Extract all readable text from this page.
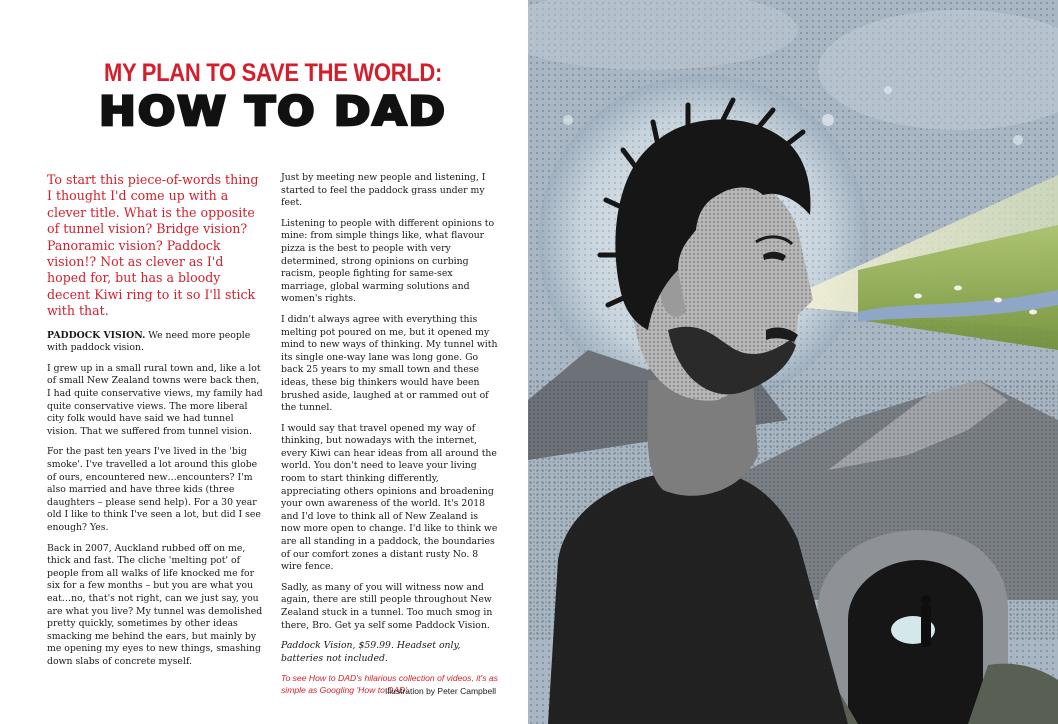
MY PLAN TO SAVE THE WORLD:
HOW TO DAD

To start this piece-of-words thing I thought I'd come up with a clever title. What is the opposite of tunnel vision? Bridge vision? Panoramic vision? Paddock vision!? Not as clever as I'd hoped for, but has a bloody decent Kiwi ring to it so I'll stick with that.

PADDOCK VISION. We need more people with paddock vision.

I grew up in a small rural town and, like a lot of small New Zealand towns were back then, I had quite conservative views, my family had quite conservative views. The more liberal city folk would have said we had tunnel vision. That we suffered from tunnel vision.

For the past ten years I've lived in the 'big smoke'. I've travelled a lot around this globe of ours, encountered new…encounters? I'm also married and have three kids (three daughters – please send help). For a 30 year old I like to think I've seen a lot, but did I see enough? Yes.

Back in 2007, Auckland rubbed off on me, thick and fast. The cliche 'melting pot' of people from all walks of life knocked me for six for a few months – but you are what you eat…no, that's not right, can we just say, you are what you live? My tunnel was demolished pretty quickly, sometimes by other ideas smacking me behind the ears, but mainly by me opening my eyes to new things, smashing down slabs of concrete myself.

Just by meeting new people and listening, I started to feel the paddock grass under my feet.

Listening to people with different opinions to mine: from simple things like, what flavour pizza is the best to people with very determined, strong opinions on curbing racism, people fighting for same-sex marriage, global warming solutions and women's rights.

I didn't always agree with everything this melting pot poured on me, but it opened my mind to new ways of thinking. My tunnel with its single one-way lane was long gone. Go back 25 years to my small town and these ideas, these big thinkers would have been brushed aside, laughed at or rammed out of the tunnel.

I would say that travel opened my way of thinking, but nowadays with the internet, every Kiwi can hear ideas from all around the world. You don't need to leave your living room to start thinking differently, appreciating others opinions and broadening your own awareness of the world. It's 2018 and I'd love to think all of New Zealand is now more open to change. I'd like to think we are all standing in a paddock, the boundaries of our comfort zones a distant rusty No. 8 wire fence.

Sadly, as many of you will witness now and again, there are still people throughout New Zealand stuck in a tunnel. Too much smog in there, Bro. Get ya self some Paddock Vision.

Paddock Vision, $59.99. Headset only, batteries not included.

To see How to DAD's hilarious collection of videos, it's as simple as Googling 'How to DAD'.

Illustration by Peter Campbell
